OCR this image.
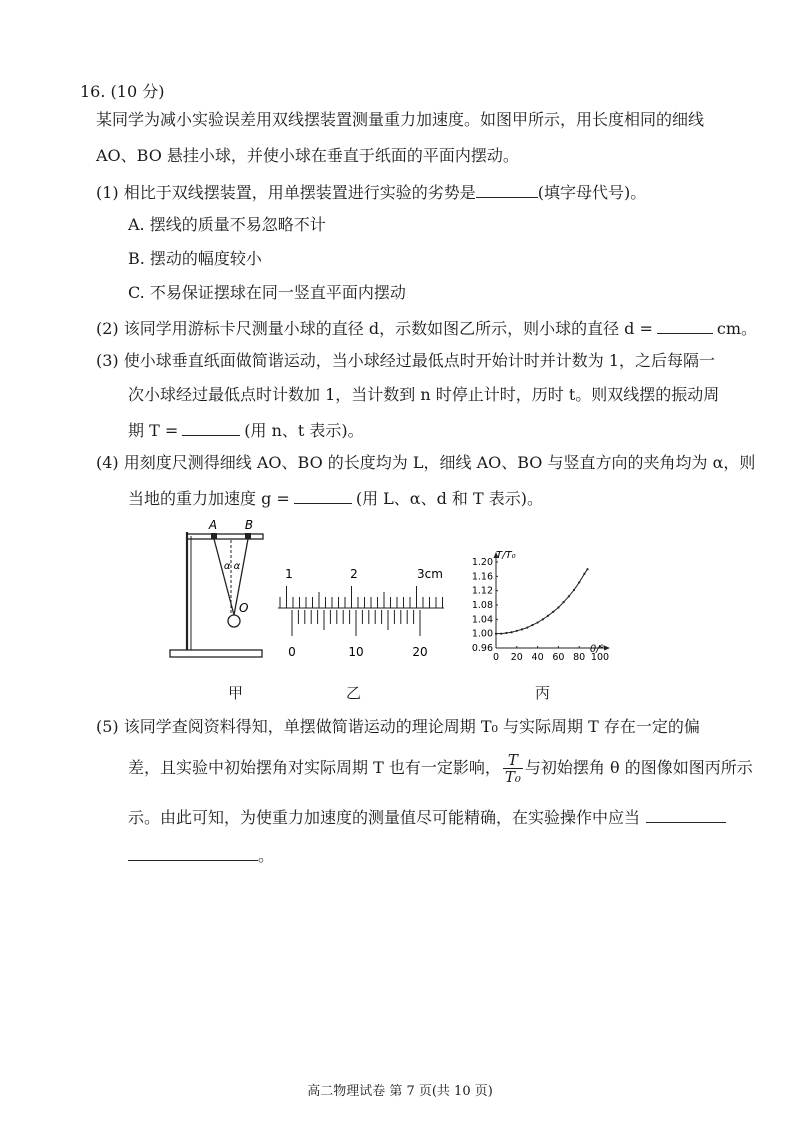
16. (10 分)
某同学为减小实验误差用双线摆装置测量重力加速度。如图甲所示，用长度相同的细线
AO、BO 悬挂小球，并使小球在垂直于纸面的平面内摆动。
(1) 相比于双线摆装置，用单摆装置进行实验的劣势是	(填字母代号)。
A. 摆线的质量不易忽略不计
B. 摆动的幅度较小
C. 不易保证摆球在同一竖直平面内摆动
(2) 该同学用游标卡尺测量小球的直径 d，示数如图乙所示，则小球的直径 d =	cm。
(3) 使小球垂直纸面做简谐运动，当小球经过最低点时开始计时并计数为 1，之后每隔一
次小球经过最低点时计数加 1，当计数到 n 时停止计时，历时 t。则双线摆的振动周
期 T =	(用 n、t 表示)。
(4) 用刻度尺测得细线 AO、BO 的长度均为 L，细线 AO、BO 与竖直方向的夹角均为 α，则
当地的重力加速度 g =	(用 L、α、d 和 T 表示)。
A B
α α
O
甲
1	2	3cm
0	10	20
乙
0 20 40 60 80 100
0.96
1.00
1.04
1.08
1.12
1.16
1.20
T/T₀
θ/°
丙
(5) 该同学查阅资料得知，单摆做简谐运动的理论周期 T₀ 与实际周期 T 存在一定的偏
差，且实验中初始摆角对实际周期 T 也有一定影响， $\frac{T}{\text{T₀}}$ 与初始摆角 θ 的图像如图丙所示
示。由此可知，为使重力加速度的测量值尽可能精确，在实验操作中应当
。
高二物理试卷 第 7 页(共 10 页)
